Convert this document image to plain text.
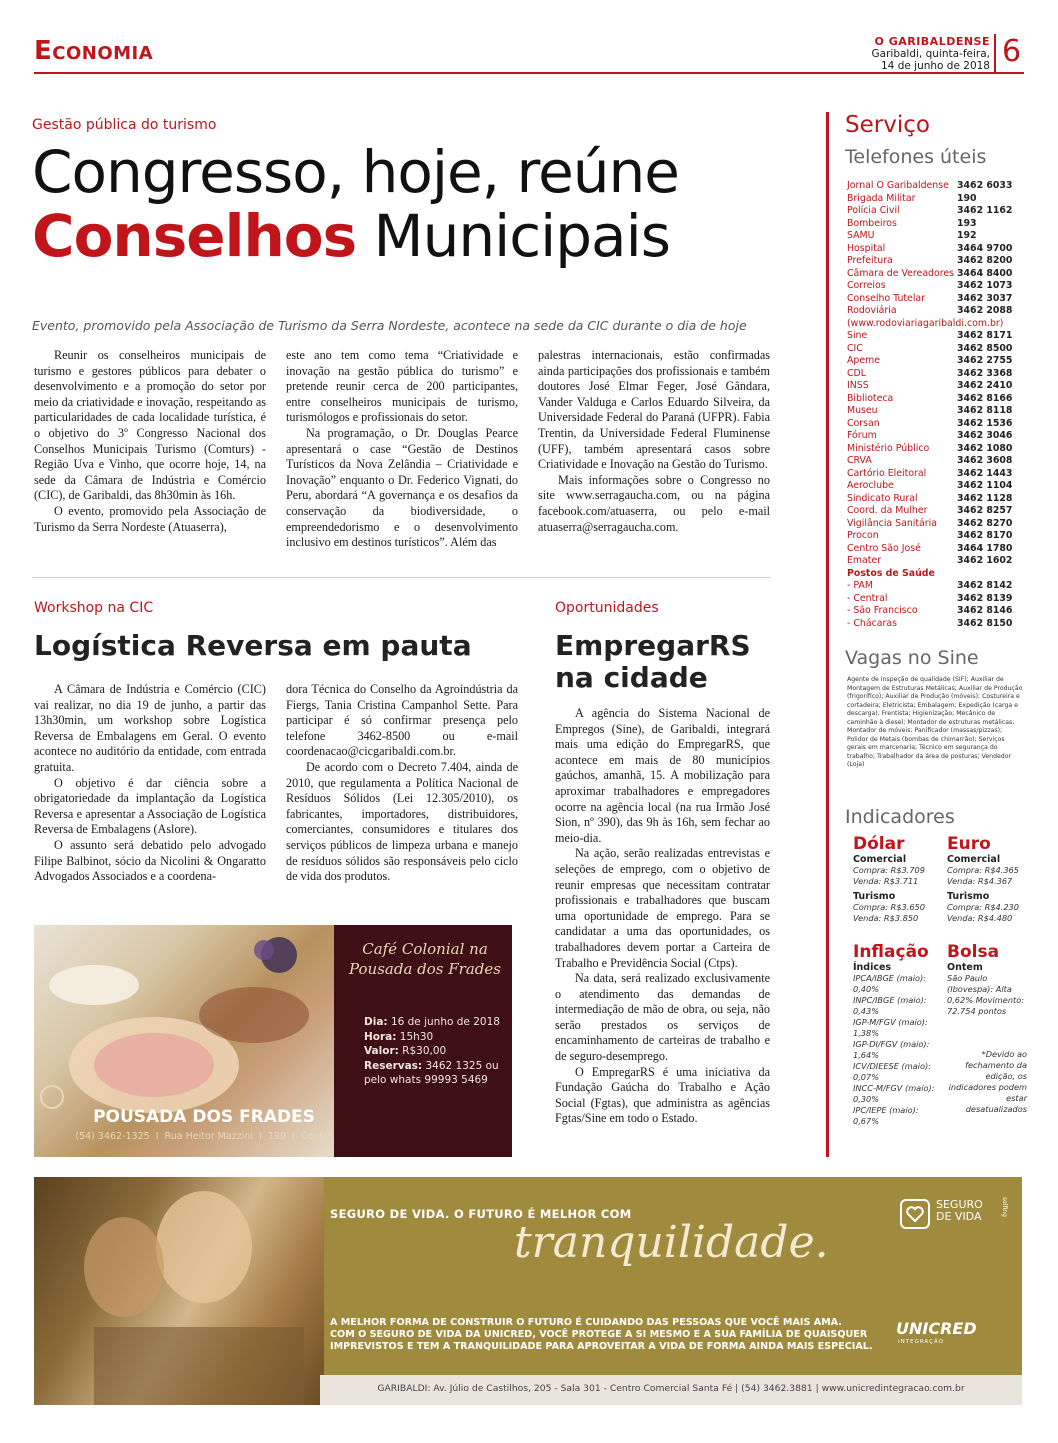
Economia	O GARIBALDENSE
Garibaldi, quinta-feira,
14 de junho de 2018 6
Gestão pública do turismo
Congresso, hoje, reúne
Conselhos Municipais
Evento, promovido pela Associação de Turismo da Serra Nordeste, acontece na sede da CIC durante o dia de hoje

Reunir os conselheiros municipais de turismo e gestores públicos para debater o desenvolvimento e a promoção do setor por meio da criatividade e inovação, respeitando as particularidades de cada localidade turística, é o objetivo do 3º Congresso Nacional dos Conselhos Municipais Turismo (Comturs) - Região Uva e Vinho, que ocorre hoje, 14, na sede da Câmara de Indústria e Comércio (CIC), de Garibaldi, das 8h30min às 16h.

O evento, promovido pela Associação de Turismo da Serra Nordeste (Atuaserra),

este ano tem como tema “Criatividade e inovação na gestão pública do turismo” e pretende reunir cerca de 200 participantes, entre conselheiros municipais de turismo, turismólogos e profissionais do setor.

Na programação, o Dr. Douglas Pearce apresentará o case “Gestão de Destinos Turísticos da Nova Zelândia – Criatividade e Inovação” enquanto o Dr. Federico Vignati, do Peru, abordará “A governança e os desafios da conservação da biodiversidade, o empreendedorismo e o desenvolvimento inclusivo em destinos turísticos”. Além das

palestras internacionais, estão confirmadas ainda participações dos profissionais e também doutores José Elmar Feger, José Gândara, Vander Valduga e Carlos Eduardo Silveira, da Universidade Federal do Paraná (UFPR). Fabia Trentin, da Universidade Federal Fluminense (UFF), também apresentará casos sobre Criatividade e Inovação na Gestão do Turismo.

Mais informações sobre o Congresso no site www.serragaucha.com, ou na página facebook.com/atuaserra, ou pelo e-mail atuaserra@serragaucha.com.

Workshop na CIC
Logística Reversa em pauta

A Câmara de Indústria e Comércio (CIC) vai realizar, no dia 19 de junho, a partir das 13h30min, um workshop sobre Logística Reversa de Embalagens em Geral. O evento acontece no auditório da entidade, com entrada gratuita.

O objetivo é dar ciência sobre a obrigatoriedade da implantação da Logística Reversa e apresentar a Associação de Logística Reversa de Embalagens (Aslore).

O assunto será debatido pelo advogado Filipe Balbinot, sócio da Nicolini & Ongaratto Advogados Associados e a coordena-

dora Técnica do Conselho da Agroindústria da Fiergs, Tania Cristina Campanhol Sette. Para participar é só confirmar presença pelo telefone 3462-8500 ou e-mail coordenacao@cicgaribaldi.com.br.

De acordo com o Decreto 7.404, ainda de 2010, que regulamenta a Política Nacional de Resíduos Sólidos (Lei 12.305/2010), os fabricantes, importadores, distribuidores, comerciantes, consumidores e titulares dos serviços públicos de limpeza urbana e manejo de resíduos sólidos são responsáveis pelo ciclo de vida dos produtos.

Oportunidades
EmpregarRS
na cidade

A agência do Sistema Nacional de Empregos (Sine), de Garibaldi, integrará mais uma edição do EmpregarRS, que acontece em mais de 80 municípios gaúchos, amanhã, 15. A mobilização para aproximar trabalhadores e empregadores ocorre na agência local (na rua Irmão José Sion, nº 390), das 9h às 16h, sem fechar ao meio-dia.

Na ação, serão realizadas entrevistas e seleções de emprego, com o objetivo de reunir empresas que necessitam contratar profissionais e trabalhadores que buscam uma oportunidade de emprego. Para se candidatar a uma das oportunidades, os trabalhadores devem portar a Carteira de Trabalho e Previdência Social (Ctps).

Na data, será realizado exclusivamente o atendimento das demandas de intermediação de mão de obra, ou seja, não serão prestados os serviços de encaminhamento de carteiras de trabalho e de seguro-desemprego.

O EmpregarRS é uma iniciativa da Fundação Gaúcha do Trabalho e Ação Social (Fgtas), que administra as agências Fgtas/Sine em todo o Estado.

Café Colonial na
Pousada dos Frades
Dia: 16 de junho de 2018
Hora: 15h30
Valor: R$30,00
Reservas: 3462 1325 ou pelo whats 99993 5469
POUSADA DOS FRADES
(54) 3462-1325  I  Rua Heitor Mazzini  I  199  I  Centro
Serviço
Telefones úteis
Jornal O Garibaldense 3462 6033
Brigada Militar	190
Polícia Civil	3462 1162
Bombeiros	193
SAMU	192
Hospital	3464 9700
Prefeitura	3462 8200
Câmara de Vereadores 3464 8400
Correios	3462 1073
Conselho Tutelar	3462 3037
Rodoviária	3462 2088
(www.rodoviariagaribaldi.com.br)
Sine	3462 8171
CIC	3462 8500
Apeme	3462 2755
CDL	3462 3368
INSS	3462 2410
Biblioteca	3462 8166
Museu	3462 8118
Corsan	3462 1536
Fórum	3462 3046
Ministério Público	3462 1080
CRVA	3462 3608
Cartório Eleitoral	3462 1443
Aeroclube	3462 1104
Sindicato Rural	3462 1128
Coord. da Mulher	3462 8257
Vigilância Sanitária	3462 8270
Procon	3462 8170
Centro São José	3464 1780
Emater	3462 1602
Postos de Saúde
- PAM	3462 8142
- Central	3462 8139
- São Francisco	3462 8146
- Chácaras	3462 8150
Vagas no Sine
Agente de inspeção de qualidade (SIF); Auxiliar de Montagem de Estruturas Metálicas; Auxiliar de Produção (frigorífico); Auxiliar de Produção (móveis); Costureira e cortadeira; Eletricista; Embalagem; Expedição (carga e descarga); Frentista; Higienização; Mecânico de caminhão à diesel; Montador de estruturas metálicas; Montador de móveis; Panificador (massas/pizzas); Polidor de Metais (bombas de chimarrão); Serviços gerais em marcenaria; Técnico em segurança do trabalho; Trabalhador da área de posturas; Vendedor (Loja)
Indicadores
Dólar
Comercial
Compra: R$3.709
Venda: R$3.711
Turismo
Compra: R$3.650
Venda: R$3.850
Euro
Comercial
Compra: R$4.365
Venda: R$4.367
Turismo
Compra: R$4.230
Venda: R$4.480
Inflação
Índices
IPCA/IBGE (maio):
0,40%
INPC/IBGE (maio):
0,43%
IGP-M/FGV (maio):
1,38%
IGP-DI/FGV (maio):
1,64%
ICV/DIEESE (maio):
0,07%
INCC-M/FGV (maio):
0,30%
IPC/IEPE (maio):
0,67%
Bolsa
Ontem
São Paulo (Ibovespa): Alta 0,62% Movimento: 72.754 pontos
*Devido ao fechamento da edição, os indicadores podem estar desatualizados
SEGURO DE VIDA. O FUTURO É MELHOR COM
tranquilidade.
SEGURO DE VIDA	selfing
A MELHOR FORMA DE CONSTRUIR O FUTURO É CUIDANDO DAS PESSOAS QUE VOCÊ MAIS AMA.
COM O SEGURO DE VIDA DA UNICRED, VOCÊ PROTEGE A SI MESMO E A SUA FAMÍLIA DE QUAISQUER
IMPREVISTOS E TEM A TRANQUILIDADE PARA APROVEITAR A VIDA DE FORMA AINDA MAIS ESPECIAL.
UNICRED
INTEGRAÇÃO
GARIBALDI: Av. Júlio de Castilhos, 205 - Sala 301 - Centro Comercial Santa Fé | (54) 3462.3881 | www.unicredintegracao.com.br
